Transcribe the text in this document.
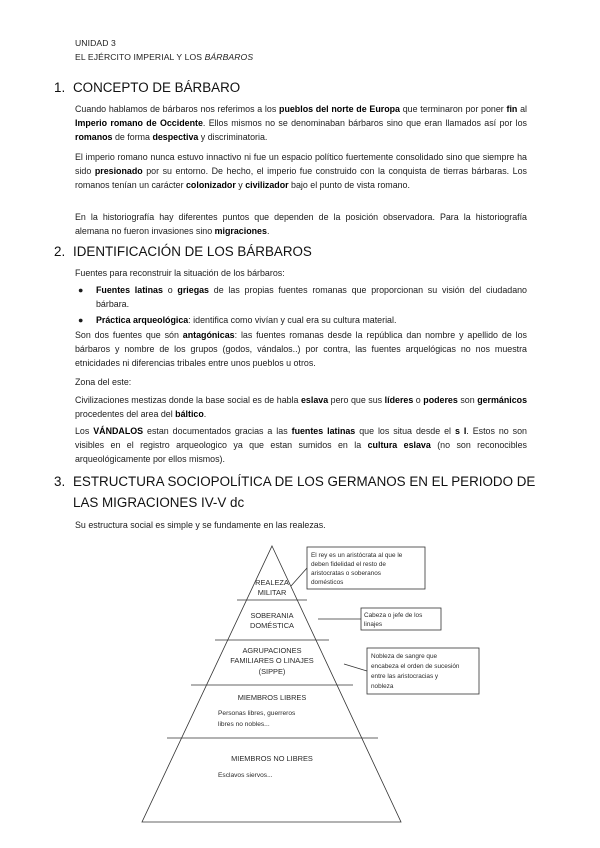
UNIDAD 3
EL EJÉRCITO IMPERIAL Y LOS BÁRBAROS
1. CONCEPTO DE BÁRBARO
Cuando hablamos de bárbaros nos referimos a los pueblos del norte de Europa que terminaron por poner fin al Imperio romano de Occidente. Ellos mismos no se denominaban bárbaros sino que eran llamados así por los romanos de forma despectiva y discriminatoria.
El imperio romano nunca estuvo innactivo ni fue un espacio político fuertemente consolidado sino que siempre ha sido presionado por su entorno. De hecho, el imperio fue construido con la conquista de tierras bárbaras. Los romanos tenían un carácter colonizador y civilizador bajo el punto de vista romano.
En la historiografía hay diferentes puntos que dependen de la posición observadora. Para la historiografía alemana no fueron invasiones sino migraciones.
2. IDENTIFICACIÓN DE LOS BÁRBAROS
Fuentes para reconstruir la situación de los bárbaros:
● Fuentes latinas o griegas de las propias fuentes romanas que proporcionan su visión del ciudadano bárbara.
● Práctica arqueológica: identifica como vivían y cual era su cultura material.
Son dos fuentes que són antagónicas: las fuentes romanas desde la república dan nombre y apellido de los bárbaros y nombre de los grupos (godos, vándalos..) por contra, las fuentes arquelógicas no nos muestra etnicidades ni diferencias tribales entre unos pueblos u otros.
Zona del este:
Civilizaciones mestizas donde la base social es de habla eslava pero que sus líderes o poderes son germánicos procedentes del area del báltico.
Los VÁNDALOS estan documentados gracias a las fuentes latinas que los situa desde el s I. Estos no son visibles en el registro arqueologico ya que estan sumidos en la cultura eslava (no son reconocibles arqueológicamente por ellos mismos).
3. ESTRUCTURA SOCIOPOLÍTICA DE LOS GERMANOS EN EL PERIODO DE
LAS MIGRACIONES IV-V dc
Su estructura social es simple y se fundamente en las realezas.
REALEZA
MILITAR
SOBERANIA
DOMÉSTICA
AGRUPACIONES
FAMILIARES O LINAJES
(SIPPE)
MIEMBROS LIBRES
Personas libres, guerreros
libres no nobles...
MIEMBROS NO LIBRES
Esclavos siervos...
El rey es un aristócrata al que le
deben fidelidad el resto de
aristocratas o soberanos
domésticos
Cabeza o jefe de los
linajes
Nobleza de sangre que
encabeza el orden de sucesión
entre las aristocracias y
nobleza
